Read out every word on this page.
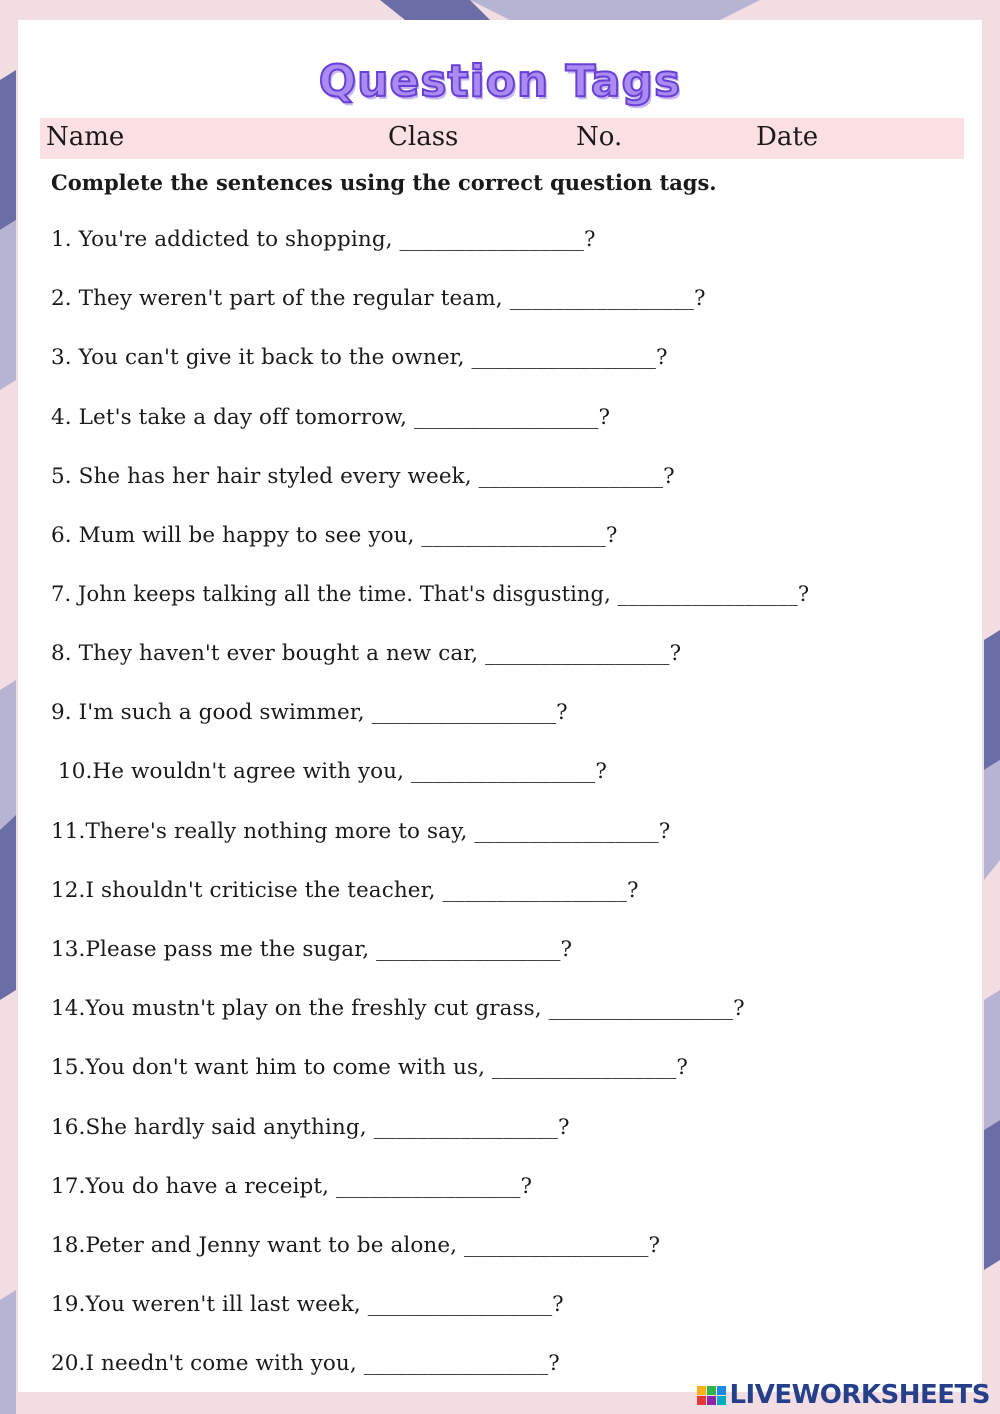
Question Tags
Name	Class	No.	Date
Complete the sentences using the correct question tags.
1. You're addicted to shopping, _________________?
2. They weren't part of the regular team, _________________?
3. You can't give it back to the owner, _________________?
4. Let's take a day off tomorrow, _________________?
5. She has her hair styled every week, _________________?
6. Mum will be happy to see you, _________________?
7. John keeps talking all the time. That's disgusting, _________________?
8. They haven't ever bought a new car, _________________?
9. I'm such a good swimmer, _________________?
10.He wouldn't agree with you, _________________?
11.There's really nothing more to say, _________________?
12.I shouldn't criticise the teacher, _________________?
13.Please pass me the sugar, _________________?
14.You mustn't play on the freshly cut grass, _________________?
15.You don't want him to come with us, _________________?
16.She hardly said anything, _________________?
17.You do have a receipt, _________________?
18.Peter and Jenny want to be alone, _________________?
19.You weren't ill last week, _________________?
20.I needn't come with you, _________________?
LIVEWORKSHEETS
